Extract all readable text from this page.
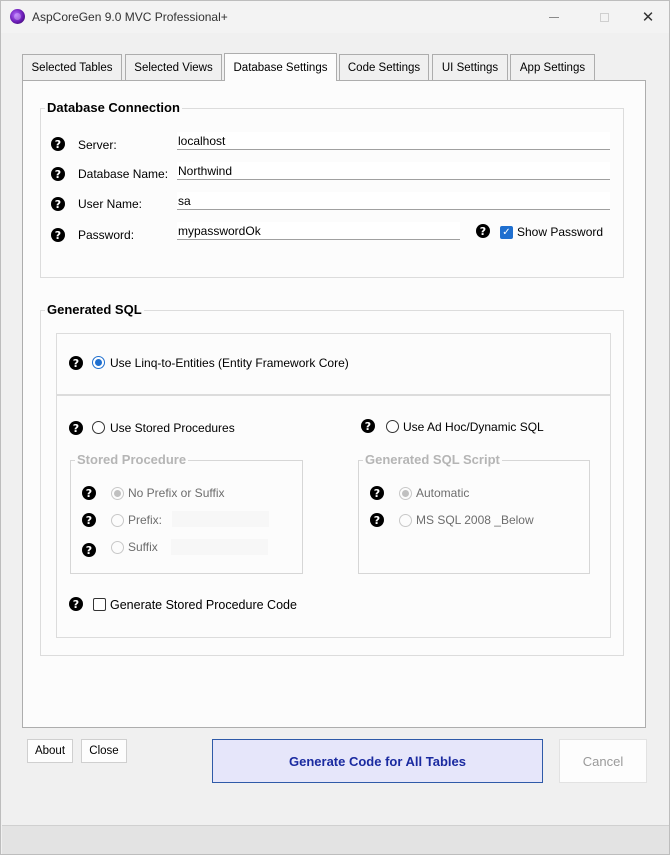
AspCoreGen 9.0 MVC Professional+	✕
Selected Tables	Selected Views	Database Settings	Code Settings	UI Settings	App Settings
Database Connection
?	Server:	localhost
?	Database Name: Northwind
?	User Name:	sa
?	Password:	mypasswordOk	?	✓ Show Password
Generated SQL
?	Use Linq-to-Entities (Entity Framework Core)
?	Use Stored Procedures	?	Use Ad Hoc/Dynamic SQL
Stored Procedure
?	No Prefix or Suffix
?	Prefix:
?	Suffix
Generated SQL Script
?	Automatic
?	MS SQL 2008 _Below
?	Generate Stored Procedure Code
About	Close
Generate Code for All Tables	Cancel
